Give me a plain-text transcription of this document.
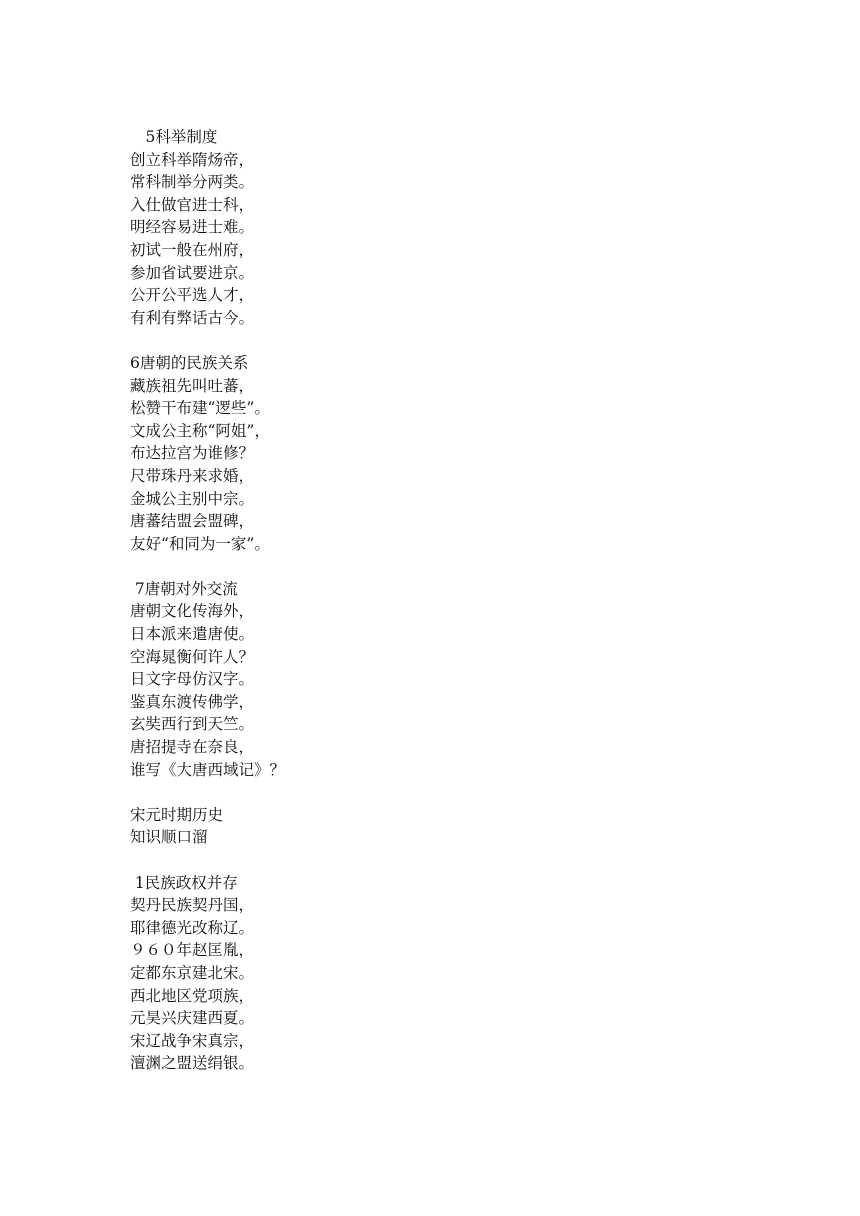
　5科举制度
创立科举隋炀帝，
常科制举分两类。
入仕做官进士科，
明经容易进士难。
初试一般在州府，
参加省试要进京。
公开公平选人才，
有利有弊话古今。
6唐朝的民族关系
藏族祖先叫吐蕃，
松赞干布建“逻些”。
文成公主称“阿姐”，
布达拉宫为谁修？
尺带珠丹来求婚，
金城公主别中宗。
唐蕃结盟会盟碑，
友好“和同为一家”。
7唐朝对外交流
唐朝文化传海外，
日本派来遣唐使。
空海晁衡何许人？
日文字母仿汉字。
鉴真东渡传佛学，
玄奘西行到天竺。
唐招提寺在奈良，
谁写《大唐西域记》？
宋元时期历史
知识顺口溜
1民族政权并存
契丹民族契丹国，
耶律德光改称辽。
９６０年赵匡胤，
定都东京建北宋。
西北地区党项族，
元昊兴庆建西夏。
宋辽战争宋真宗，
澶渊之盟送绢银。
